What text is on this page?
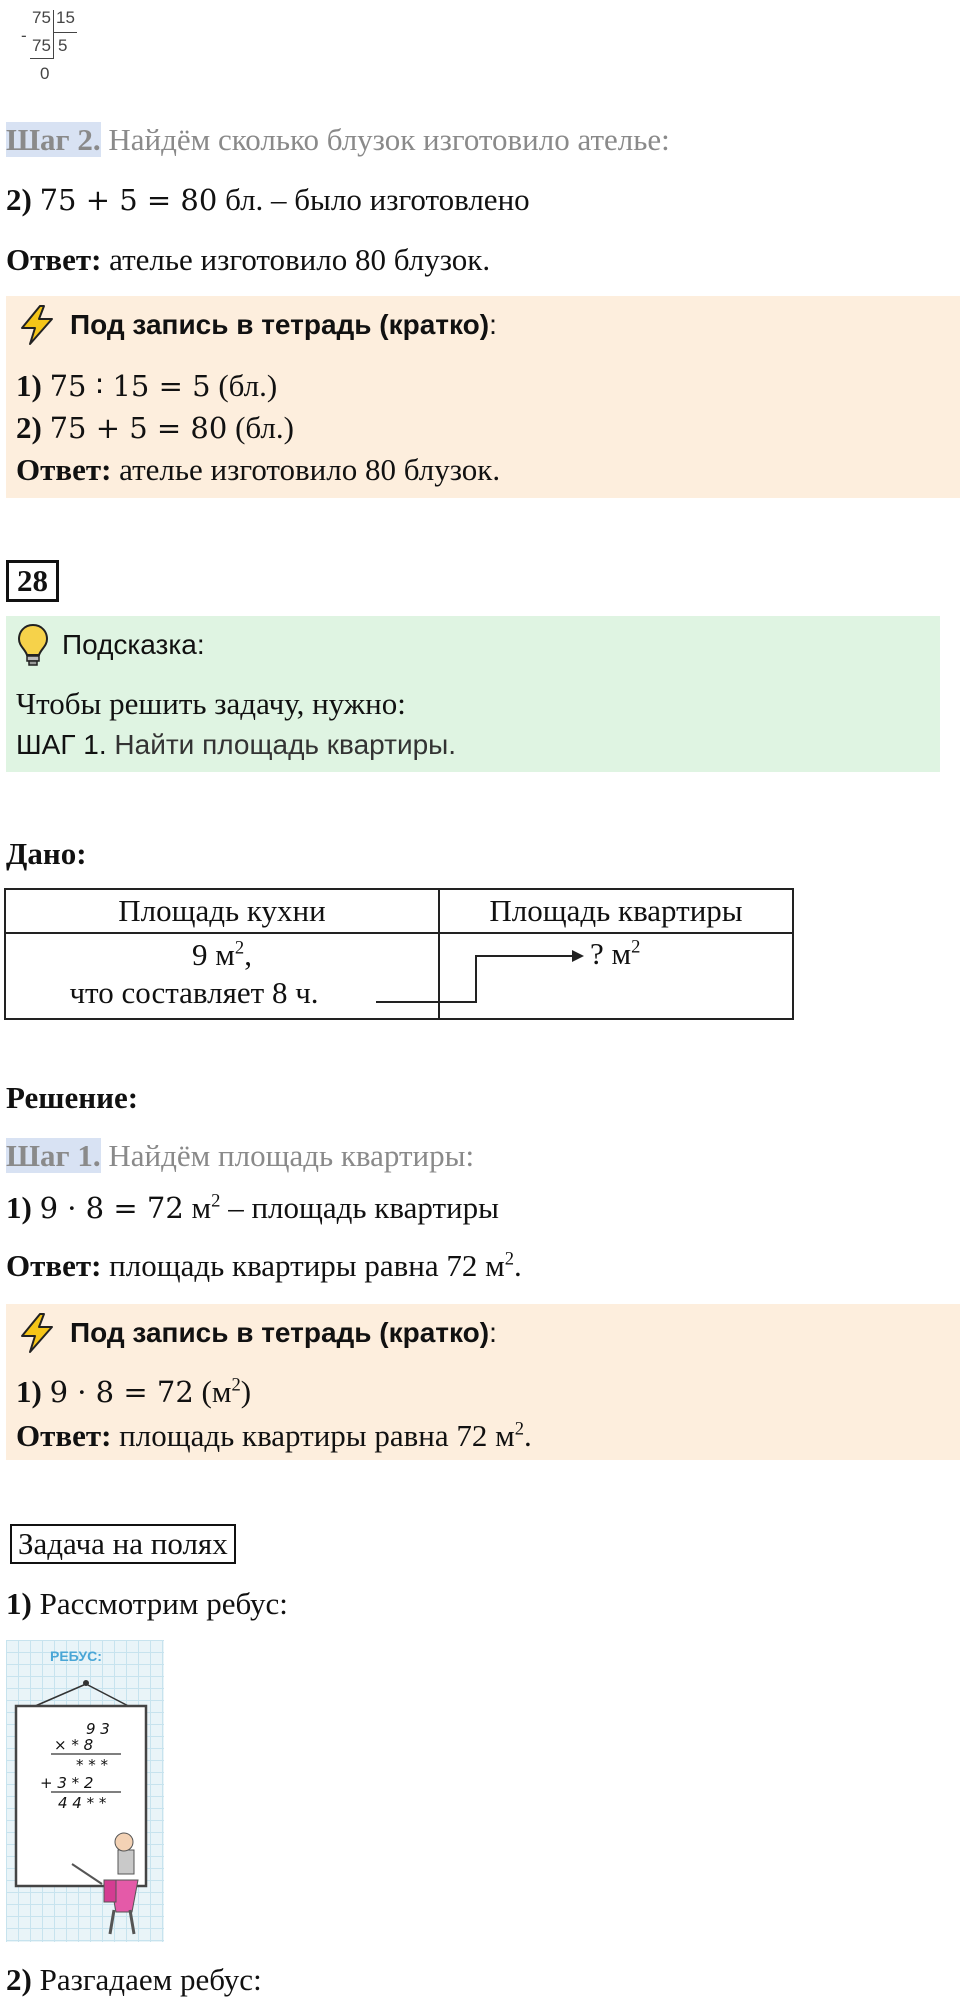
75 15
-
75 5
0
Шаг 2. Найдём сколько блузок изготовило ателье:
2) 75 + 5 = 80 бл. – было изготовлено
Ответ: ателье изготовило 80 блузок.
Под запись в тетрадь (кратко):
1) 75 ∶ 15 = 5 (бл.)
2) 75 + 5 = 80 (бл.)
Ответ: ателье изготовило 80 блузок.
28
Подсказка:
Чтобы решить задачу, нужно:
ШАГ 1. Найти площадь квартиры.
Дано:
Площадь кухни	Площадь квартиры
9 $м^2$,
что составляет 8 ч.	? $м^2$
Решение:
Шаг 1. Найдём площадь квартиры:
1) 9 · 8 = 72 $м^2$ – площадь квартиры
Ответ: площадь квартиры равна 72 $м^2$.
Под запись в тетрадь (кратко):
1) 9 · 8 = 72 $(м^2)$
Ответ: площадь квартиры равна 72 $м^2$.
Задача на полях
1) Рассмотрим ребус:
РЕБУС:
9 3
× * 8
* * *
+ 3 * 2
4 4 * *
2) Разгадаем ребус:
